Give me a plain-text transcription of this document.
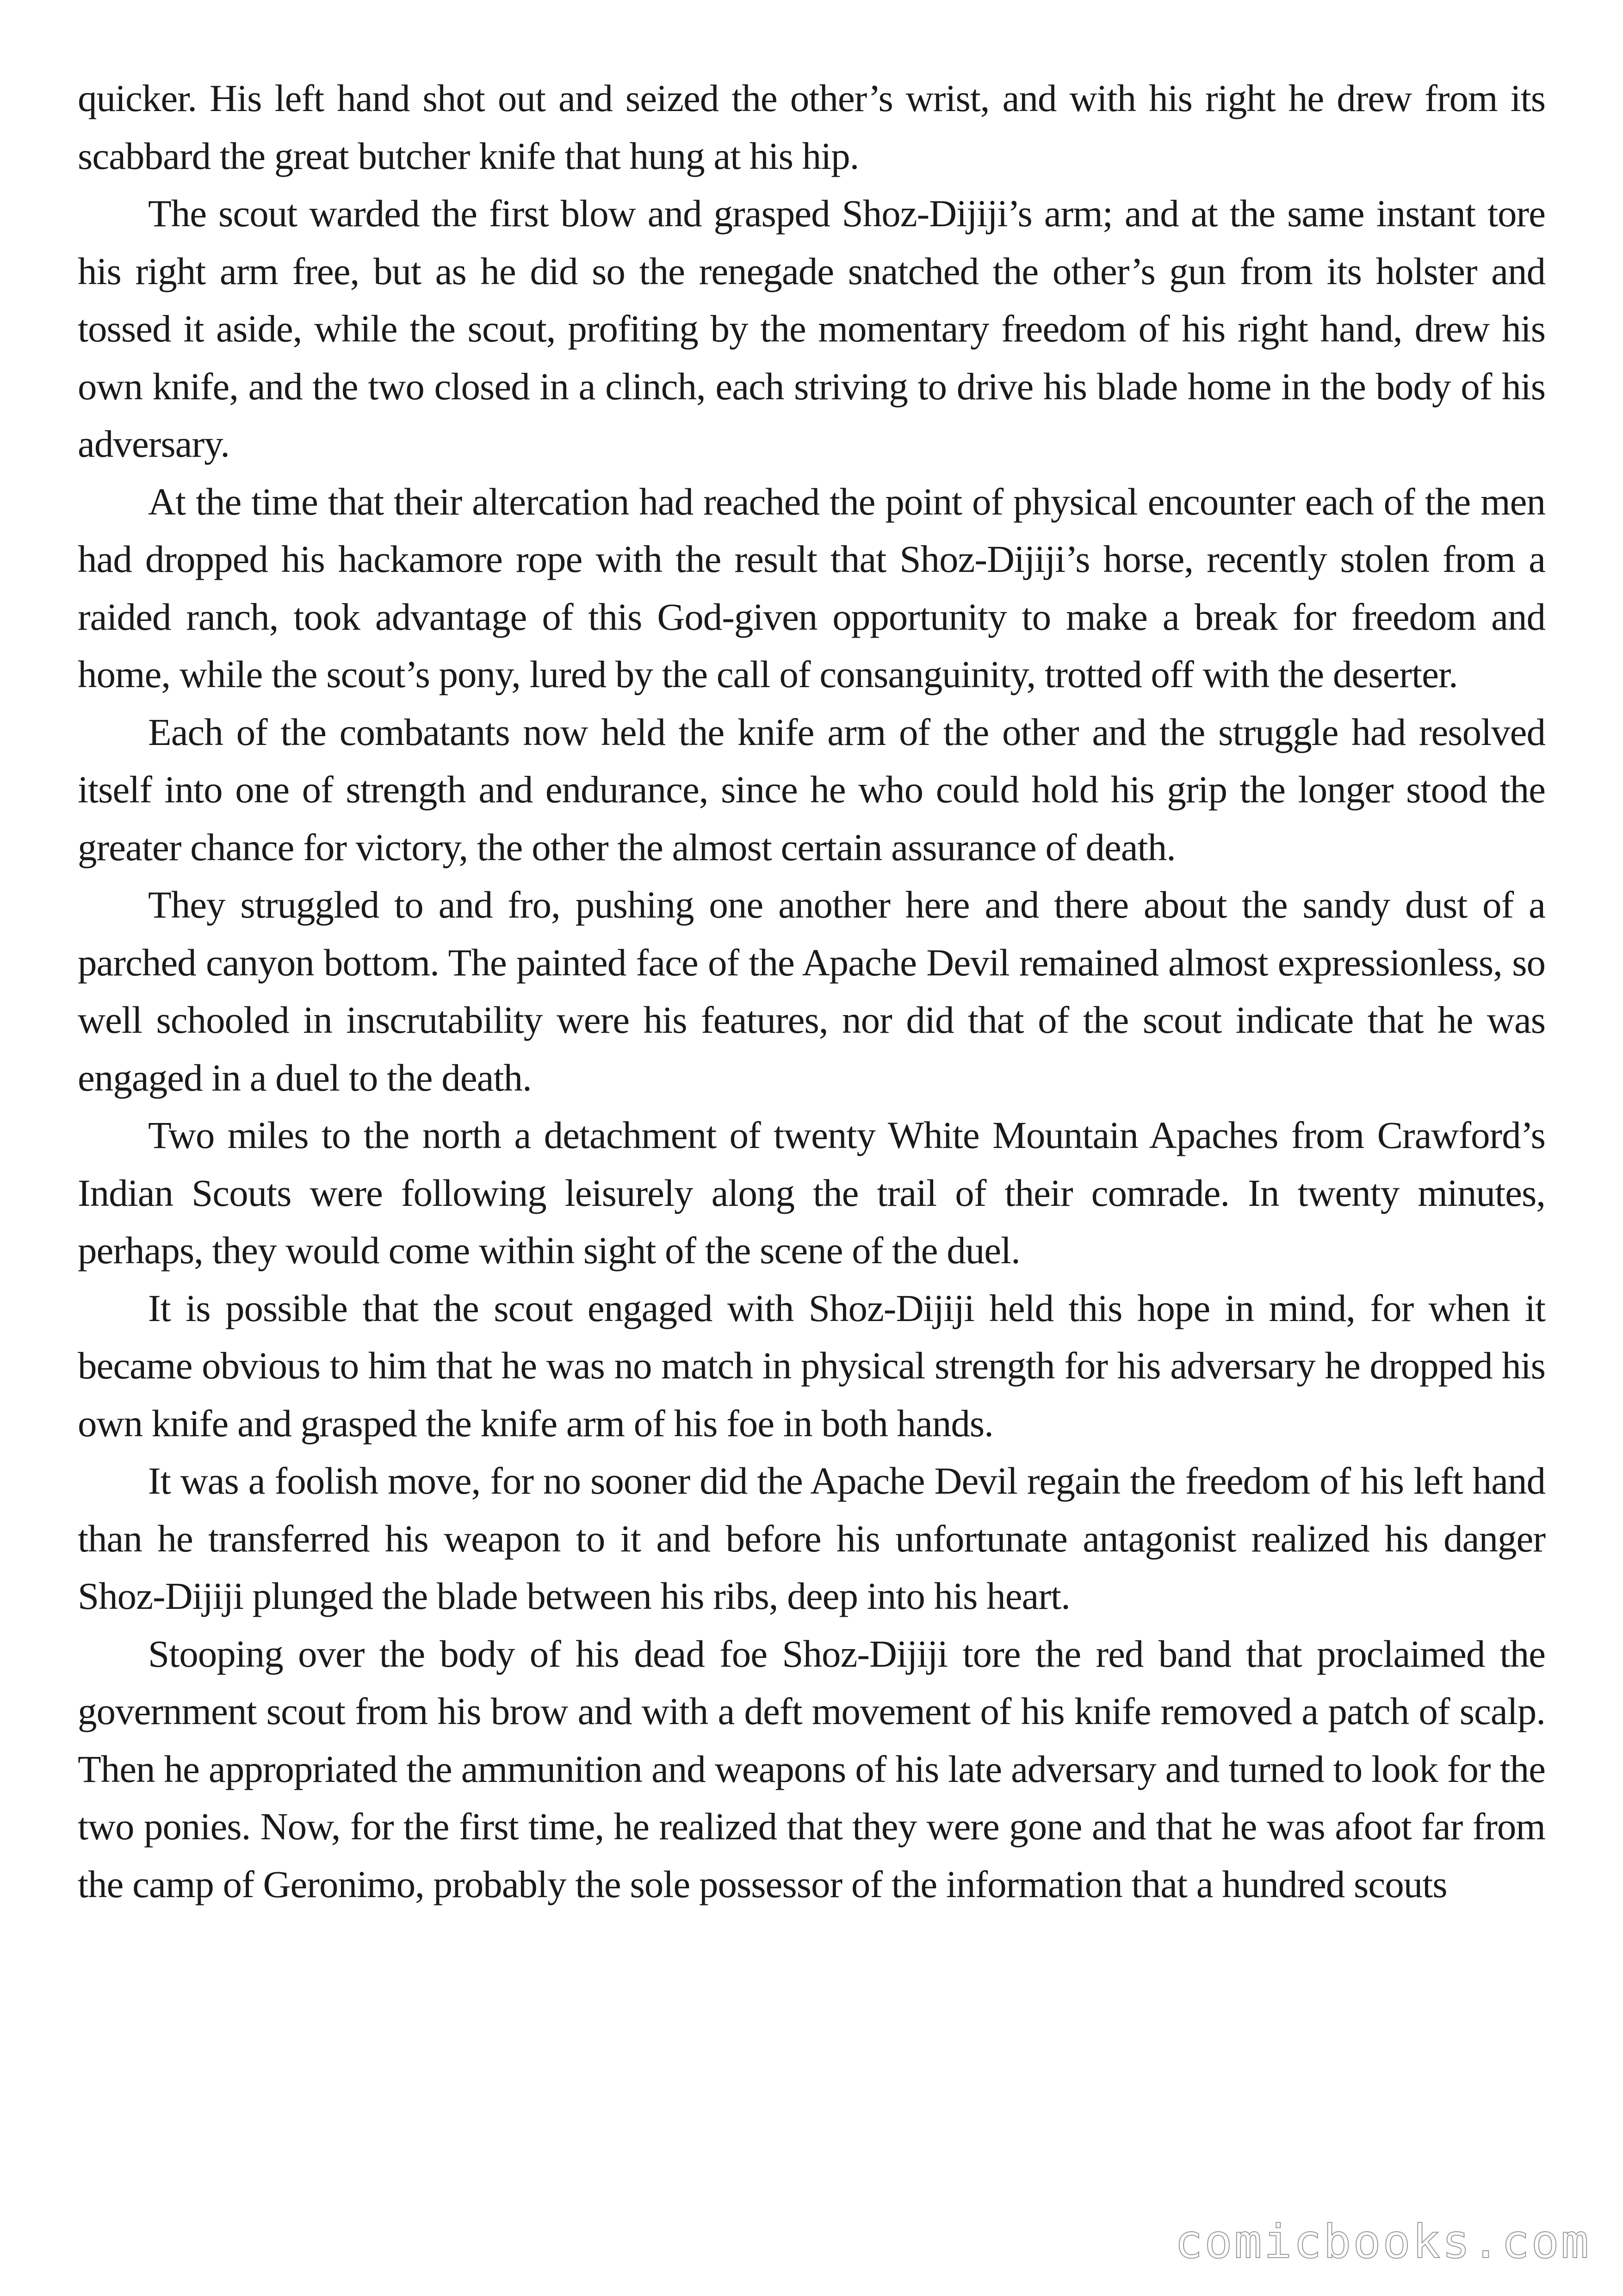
quicker. His left hand shot out and seized the other’s wrist, and with his right he drew from its scabbard the great butcher knife that hung at his hip.

The scout warded the first blow and grasped Shoz-Dijiji’s arm; and at the same instant tore his right arm free, but as he did so the renegade snatched the other’s gun from its holster and tossed it aside, while the scout, profiting by the momentary freedom of his right hand, drew his own knife, and the two closed in a clinch, each striving to drive his blade home in the body of his adversary.

At the time that their altercation had reached the point of physical encounter each of the men had dropped his hackamore rope with the result that Shoz-Dijiji’s horse, recently stolen from a raided ranch, took advantage of this God-given opportunity to make a break for freedom and home, while the scout’s pony, lured by the call of consanguinity, trotted off with the deserter.

Each of the combatants now held the knife arm of the other and the struggle had resolved itself into one of strength and endurance, since he who could hold his grip the longer stood the greater chance for victory, the other the almost certain assurance of death.

They struggled to and fro, pushing one another here and there about the sandy dust of a parched canyon bottom. The painted face of the Apache Devil remained almost expressionless, so well schooled in inscrutability were his features, nor did that of the scout indicate that he was engaged in a duel to the death.

Two miles to the north a detachment of twenty White Mountain Apaches from Crawford’s Indian Scouts were following leisurely along the trail of their comrade. In twenty minutes, perhaps, they would come within sight of the scene of the duel.

It is possible that the scout engaged with Shoz-Dijiji held this hope in mind, for when it became obvious to him that he was no match in physical strength for his adversary he dropped his own knife and grasped the knife arm of his foe in both hands.

It was a foolish move, for no sooner did the Apache Devil regain the freedom of his left hand than he transferred his weapon to it and before his unfortunate antagonist realized his danger Shoz-Dijiji plunged the blade between his ribs, deep into his heart.

Stooping over the body of his dead foe Shoz-Dijiji tore the red band that proclaimed the government scout from his brow and with a deft movement of his knife removed a patch of scalp. Then he appropriated the ammunition and weapons of his late adversary and turned to look for the two ponies. Now, for the first time, he realized that they were gone and that he was afoot far from the camp of Geronimo, probably the sole possessor of the information that a hundred scouts

comicbooks.com
